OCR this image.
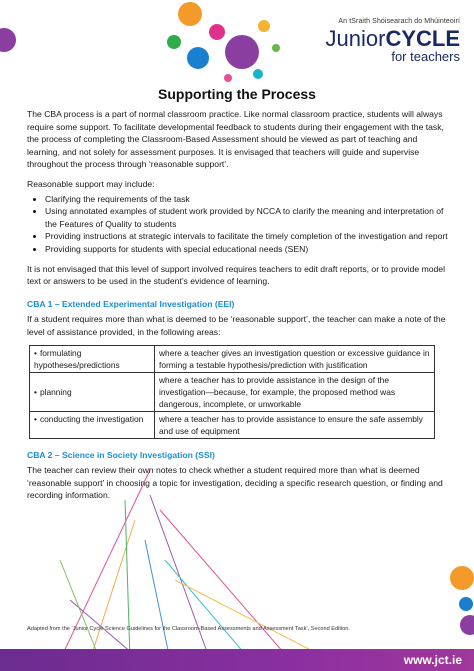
An tSraith Shóisearach do Mhúinteoirí
JuniorCYCLE
for teachers
Supporting the Process

The CBA process is a part of normal classroom practice. Like normal classroom practice, students will always require some support. To facilitate developmental feedback to students during their engagement with the task, the process of completing the Classroom-Based Assessment should be viewed as part of teaching and learning, and not solely for assessment purposes. It is envisaged that teachers will guide and supervise throughout the process through ‘reasonable support’.

Reasonable support may include:

• Clarifying the requirements of the task
• Using annotated examples of student work provided by NCCA to clarify the meaning and interpretation of the Features of Quality to students
• Providing instructions at strategic intervals to facilitate the timely completion of the investigation and report
• Providing supports for students with special educational needs (SEN)

It is not envisaged that this level of support involved requires teachers to edit draft reports, or to provide model text or answers to be used in the student’s evidence of learning.

CBA 1 – Extended Experimental Investigation (EEI)

If a student requires more than what is deemed to be ‘reasonable support’, the teacher can make a note of the level of assistance provided, in the following areas:

• formulating hypotheses/predictions	where a teacher gives an investigation question or excessive guidance in forming a testable hypothesis/prediction with justification
• planning	where a teacher has to provide assistance in the design of the investigation—because, for example, the proposed method was dangerous, incomplete, or unworkable
• conducting the investigation	where a teacher has to provide assistance to ensure the safe assembly and use of equipment
CBA 2 – Science in Society Investigation (SSI)

The teacher can review their own notes to check whether a student required more than what is deemed ‘reasonable support’ in choosing a topic for investigation, deciding a specific research question, or finding and recording information.

Adapted from the ‘Junior Cycle Science Guidelines for the Classroom-Based Assessments and Assessment Task’, Second Edition.
www.jct.ie
